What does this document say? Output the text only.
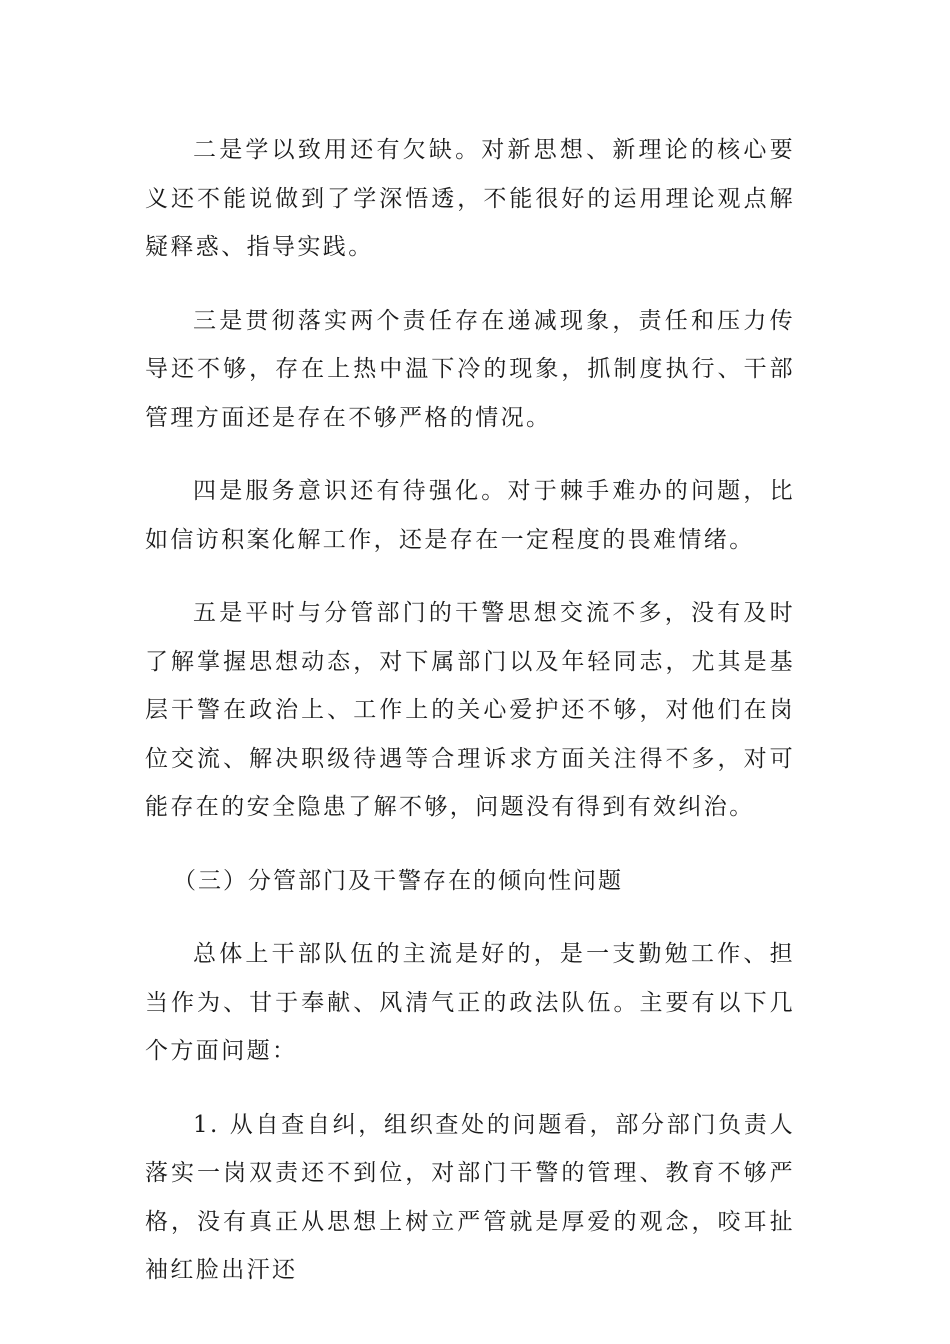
二是学以致用还有欠缺。对新思想、新理论的核心要义还不能说做到了学深悟透，不能很好的运用理论观点解疑释惑、指导实践。

三是贯彻落实两个责任存在递减现象，责任和压力传导还不够，存在上热中温下冷的现象，抓制度执行、干部管理方面还是存在不够严格的情况。

四是服务意识还有待强化。对于棘手难办的问题，比如信访积案化解工作，还是存在一定程度的畏难情绪。

五是平时与分管部门的干警思想交流不多，没有及时了解掌握思想动态，对下属部门以及年轻同志，尤其是基层干警在政治上、工作上的关心爱护还不够，对他们在岗位交流、解决职级待遇等合理诉求方面关注得不多，对可能存在的安全隐患了解不够，问题没有得到有效纠治。

（三）分管部门及干警存在的倾向性问题

总体上干部队伍的主流是好的，是一支勤勉工作、担当作为、甘于奉献、风清气正的政法队伍。主要有以下几个方面问题：

1. 从自查自纠，组织查处的问题看，部分部门负责人落实一岗双责还不到位，对部门干警的管理、教育不够严格，没有真正从思想上树立严管就是厚爱的观念，咬耳扯袖红脸出汗还
